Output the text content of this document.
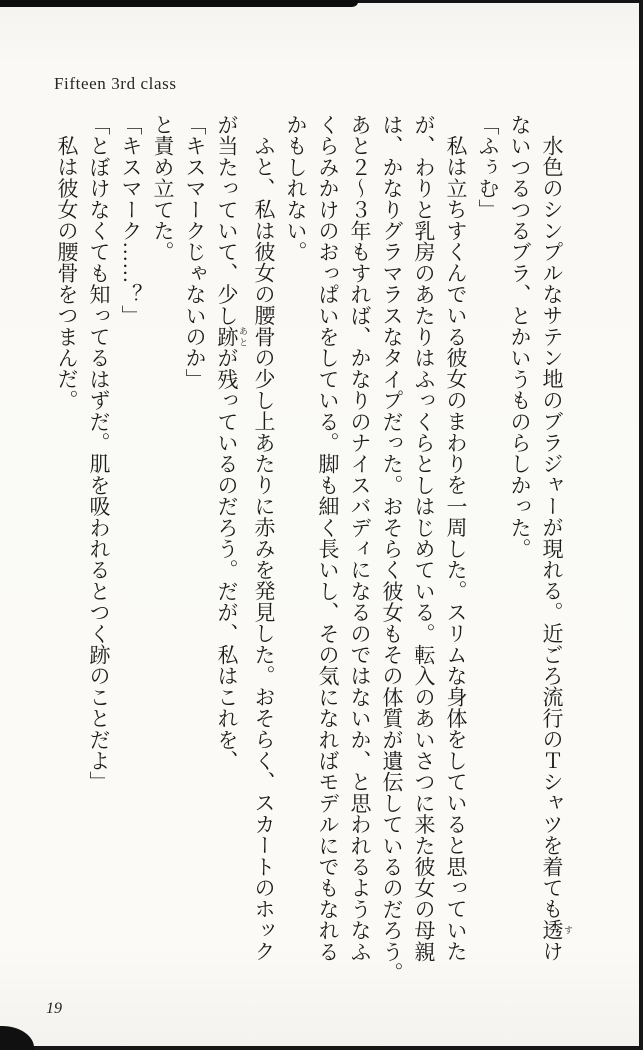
Fifteen 3rd class

水色のシンプルなサテン地のブラジャーが現れる。近ごろ流行のＴシャツを着ても透 すけ

ないつるつるブラ、とかいうものらしかった。

「ふぅむ」

私は立ちすくんでいる彼女のまわりを一周した。スリムな身体をしていると思っていた

が、わりと乳房のあたりはふっくらとしはじめている。転入のあいさつに来た彼女の母親

は、かなりグラマラスなタイプだった。おそらく彼女もその体質が遺伝しているのだろう。

あと２〜３年もすれば、かなりのナイスバディになるのではないか、と思われるようなふ

くらみかけのおっぱいをしている。脚も細く長いし、その気になればモデルにでもなれる

かもしれない。

ふと、私は彼女の腰骨の少し上あたりに赤みを発見した。おそらく、スカートのホック

が当たっていて、少し跡 あとが残っているのだろう。だが、私はこれを、

「キスマークじゃないのか」

と責め立てた。

「キスマーク……？」

「とぼけなくても知ってるはずだ。肌を吸われるとつく跡のことだよ」

私は彼女の腰骨をつまんだ。

19
